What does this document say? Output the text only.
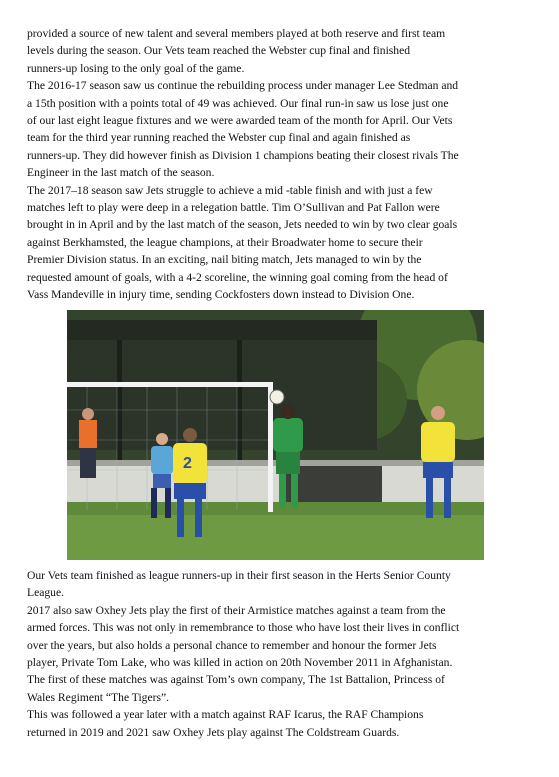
provided a source of new talent and several members played at both reserve and first team
levels during the season. Our Vets team reached the Webster cup final and finished
runners-up losing to the only goal of the game.
The 2016-17 season saw us continue the rebuilding process under manager Lee Stedman and
a 15th position with a points total of 49 was achieved. Our final run-in saw us lose just one
of our last eight league fixtures and we were awarded team of the month for April. Our Vets
team for the third year running reached the Webster cup final and again finished as
runners-up. They did however finish as Division 1 champions beating their closest rivals The
Engineer in the last match of the season.
The 2017–18 season saw Jets struggle to achieve a mid -table finish and with just a few
matches left to play were deep in a relegation battle. Tim O’Sullivan and Pat Fallon were
brought in in April and by the last match of the season, Jets needed to win by two clear goals
against Berkhamsted, the league champions, at their Broadwater home to secure their
Premier Division status. In an exciting, nail biting match, Jets managed to win by the
requested amount of goals, with a 4-2 scoreline, the winning goal coming from the head of
Vass Mandeville in injury time, sending Cockfosters down instead to Division One.
2
Our Vets team finished as league runners-up in their first season in the Herts Senior County
League.
2017 also saw Oxhey Jets play the first of their Armistice matches against a team from the
armed forces. This was not only in remembrance to those who have lost their lives in conflict
over the years, but also holds a personal chance to remember and honour the former Jets
player, Private Tom Lake, who was killed in action on 20th November 2011 in Afghanistan.
The first of these matches was against Tom’s own company, The 1st Battalion, Princess of
Wales Regiment “The Tigers”.
This was followed a year later with a match against RAF Icarus, the RAF Champions
returned in 2019 and 2021 saw Oxhey Jets play against The Coldstream Guards.
